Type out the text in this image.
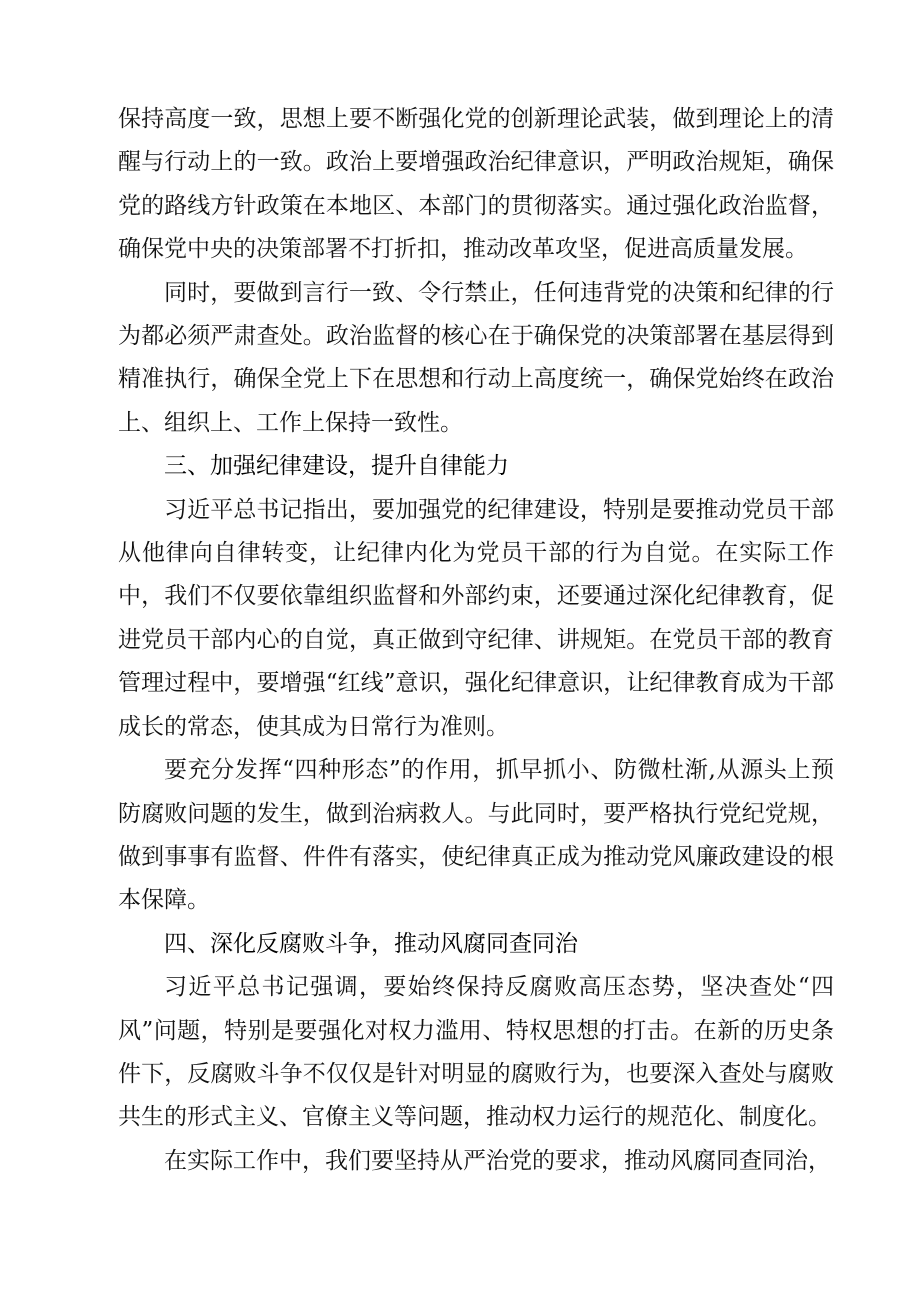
保持高度一致，思想上要不断强化党的创新理论武装，做到理论上的清醒与行动上的一致。政治上要增强政治纪律意识，严明政治规矩，确保党的路线方针政策在本地区、本部门的贯彻落实。通过强化政治监督，确保党中央的决策部署不打折扣，推动改革攻坚，促进高质量发展。

同时，要做到言行一致、令行禁止，任何违背党的决策和纪律的行为都必须严肃查处。政治监督的核心在于确保党的决策部署在基层得到精准执行，确保全党上下在思想和行动上高度统一，确保党始终在政治上、组织上、工作上保持一致性。

三、加强纪律建设，提升自律能力

习近平总书记指出，要加强党的纪律建设，特别是要推动党员干部从他律向自律转变，让纪律内化为党员干部的行为自觉。在实际工作中，我们不仅要依靠组织监督和外部约束，还要通过深化纪律教育，促进党员干部内心的自觉，真正做到守纪律、讲规矩。在党员干部的教育管理过程中，要增强“红线”意识，强化纪律意识，让纪律教育成为干部成长的常态，使其成为日常行为准则。

要充分发挥“四种形态”的作用，抓早抓小、防微杜渐,从源头上预防腐败问题的发生，做到治病救人。与此同时，要严格执行党纪党规，做到事事有监督、件件有落实，使纪律真正成为推动党风廉政建设的根本保障。

四、深化反腐败斗争，推动风腐同查同治

习近平总书记强调，要始终保持反腐败高压态势，坚决查处“四风”问题，特别是要强化对权力滥用、特权思想的打击。在新的历史条件下，反腐败斗争不仅仅是针对明显的腐败行为，也要深入查处与腐败共生的形式主义、官僚主义等问题，推动权力运行的规范化、制度化。

在实际工作中，我们要坚持从严治党的要求，推动风腐同查同治，
